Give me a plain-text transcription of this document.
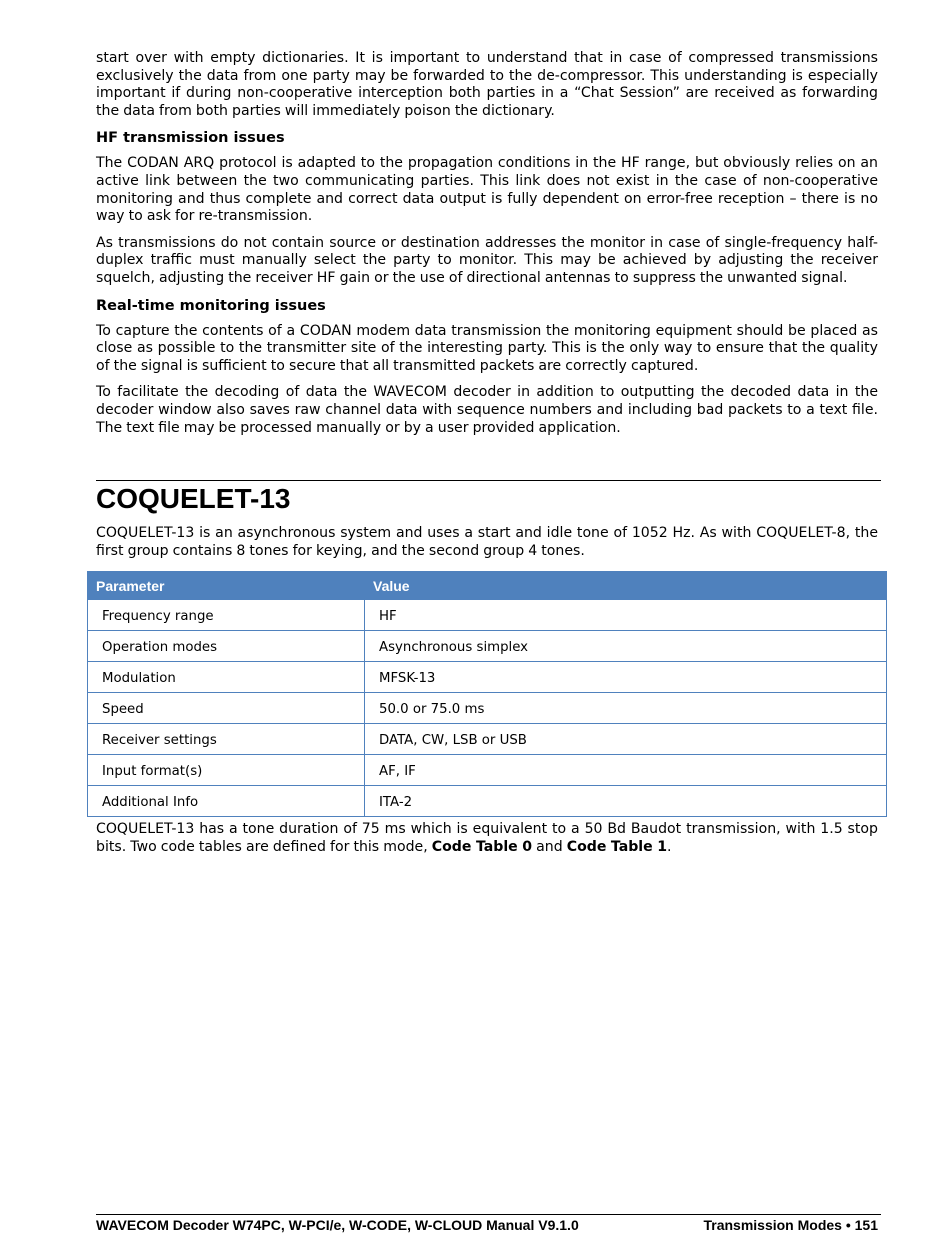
start over with empty dictionaries. It is important to understand that in case of compressed transmissions exclusively the data from one party may be forwarded to the de-compressor. This understanding is especially important if during non-cooperative interception both parties in a “Chat Session” are received as forwarding the data from both parties will immediately poison the dictionary.

HF transmission issues

The CODAN ARQ protocol is adapted to the propagation conditions in the HF range, but obviously relies on an active link between the two communicating parties. This link does not exist in the case of non-cooperative monitoring and thus complete and correct data output is fully dependent on error-free reception – there is no way to ask for re-transmission.

As transmissions do not contain source or destination addresses the monitor in case of single-frequency half-duplex traffic must manually select the party to monitor. This may be achieved by adjusting the receiver squelch, adjusting the receiver HF gain or the use of directional antennas to suppress the unwanted signal.

Real-time monitoring issues

To capture the contents of a CODAN modem data transmission the monitoring equipment should be placed as close as possible to the transmitter site of the interesting party. This is the only way to ensure that the quality of the signal is sufficient to secure that all transmitted packets are correctly captured.

To facilitate the decoding of data the WAVECOM decoder in addition to outputting the decoded data in the decoder window also saves raw channel data with sequence numbers and including bad packets to a text file. The text file may be processed manually or by a user provided application.

COQUELET-13

COQUELET-13 is an asynchronous system and uses a start and idle tone of 1052 Hz. As with COQUELET-8, the first group contains 8 tones for keying, and the second group 4 tones.

Parameter	Value
Frequency range	HF
Operation modes	Asynchronous simplex
Modulation	MFSK-13
Speed	50.0 or 75.0 ms
Receiver settings	DATA, CW, LSB or USB
Input format(s)	AF, IF
Additional Info	ITA-2

COQUELET-13 has a tone duration of 75 ms which is equivalent to a 50 Bd Baudot transmission, with 1.5 stop bits. Two code tables are defined for this mode, Code Table 0 and Code Table 1.

WAVECOM Decoder W74PC, W-PCI/e, W-CODE, W-CLOUD Manual V9.1.0	Transmission Modes • 151
